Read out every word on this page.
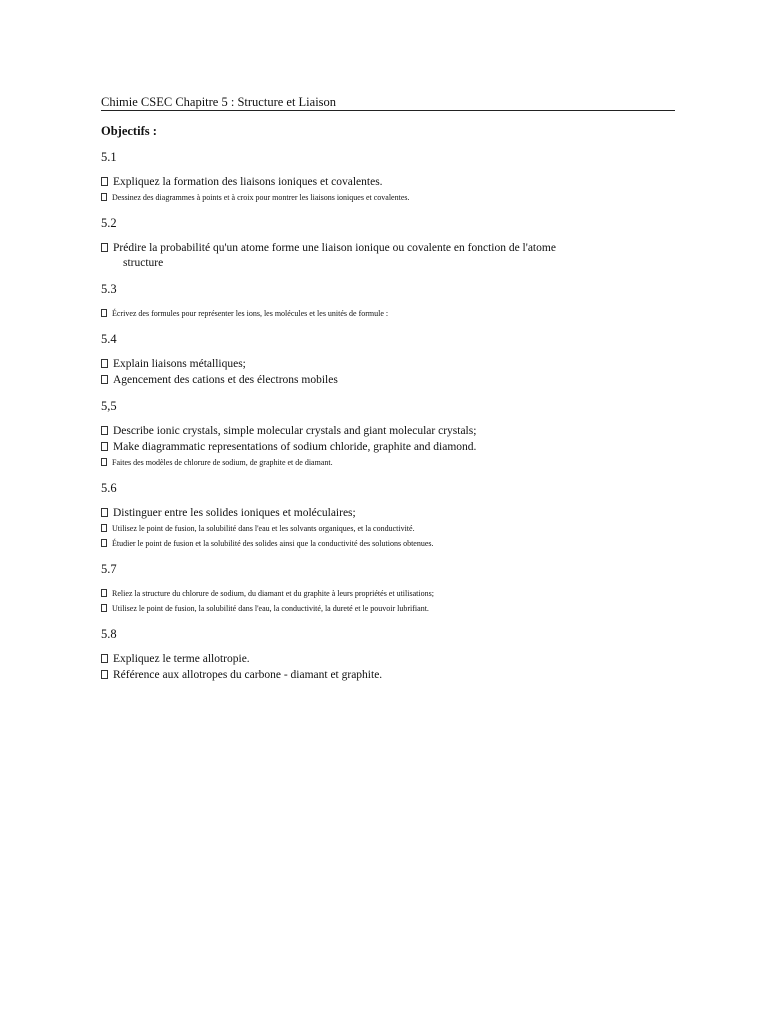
Chimie CSEC Chapitre 5 : Structure et Liaison
Objectifs :
5.1
Expliquez la formation des liaisons ioniques et covalentes.
Dessinez des diagrammes à points et à croix pour montrer les liaisons ioniques et covalentes.
5.2
Prédire la probabilité qu'un atome forme une liaison ionique ou covalente en fonction de l'atome
structure
5.3
Écrivez des formules pour représenter les ions, les molécules et les unités de formule :
5.4
Explain liaisons métalliques;
Agencement des cations et des électrons mobiles
5,5
Describe ionic crystals, simple molecular crystals and giant molecular crystals;
Make diagrammatic representations of sodium chloride, graphite and diamond.
Faites des modèles de chlorure de sodium, de graphite et de diamant.
5.6
Distinguer entre les solides ioniques et moléculaires;
Utilisez le point de fusion, la solubilité dans l'eau et les solvants organiques, et la conductivité.
Étudier le point de fusion et la solubilité des solides ainsi que la conductivité des solutions obtenues.
5.7
Reliez la structure du chlorure de sodium, du diamant et du graphite à leurs propriétés et utilisations;
Utilisez le point de fusion, la solubilité dans l'eau, la conductivité, la dureté et le pouvoir lubrifiant.
5.8
Expliquez le terme allotropie.
Référence aux allotropes du carbone - diamant et graphite.
